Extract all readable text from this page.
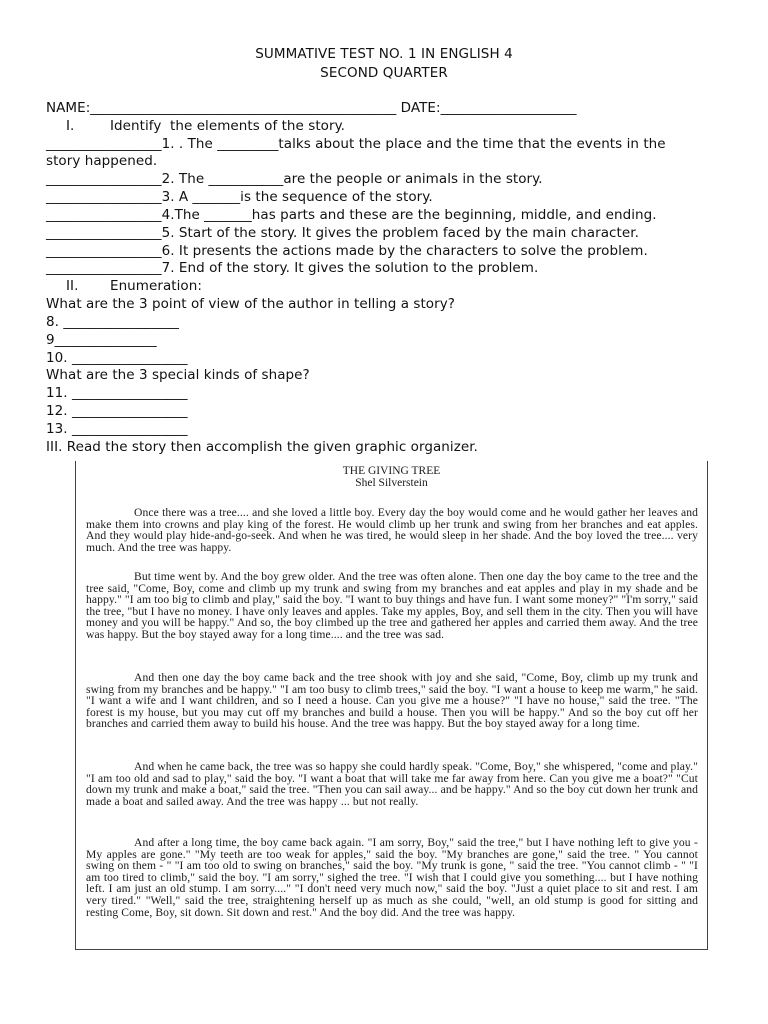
SUMMATIVE TEST NO. 1 IN ENGLISH 4
SECOND QUARTER
NAME:_____________________________________________ DATE:____________________
I.	Identify  the elements of the story.
_________________1. . The _________talks about the place and the time that the events in the
story happened.
_________________2. The ___________are the people or animals in the story.
_________________3. A _______is the sequence of the story.
_________________4.The _______has parts and these are the beginning, middle, and ending.
_________________5. Start of the story. It gives the problem faced by the main character.
_________________6. It presents the actions made by the characters to solve the problem.
_________________7. End of the story. It gives the solution to the problem.
II. Enumeration:
What are the 3 point of view of the author in telling a story?
8. _________________
9_______________
10. _________________
What are the 3 special kinds of shape?
11. _________________
12. _________________
13. _________________
III. Read the story then accomplish the given graphic organizer.
THE GIVING TREE
Shel Silverstein
Once there was a tree.... and she loved a little boy. Every day the boy would come and he would gather her leaves and make them into crowns and play king of the forest. He would climb up her trunk and swing from her branches and eat apples. And they would play hide-and-go-seek. And when he was tired, he would sleep in her shade. And the boy loved the tree.... very much. And the tree was happy.
But time went by. And the boy grew older. And the tree was often alone. Then one day the boy came to the tree and the tree said, "Come, Boy, come and climb up my trunk and swing from my branches and eat apples and play in my shade and be happy." "I am too big to climb and play," said the boy. "I want to buy things and have fun. I want some money?" "I'm sorry," said the tree, "but I have no money. I have only leaves and apples. Take my apples, Boy, and sell them in the city. Then you will have money and you will be happy." And so, the boy climbed up the tree and gathered her apples and carried them away. And the tree was happy. But the boy stayed away for a long time.... and the tree was sad.
And then one day the boy came back and the tree shook with joy and she said, "Come, Boy, climb up my trunk and swing from my branches and be happy." "I am too busy to climb trees," said the boy. "I want a house to keep me warm," he said. "I want a wife and I want children, and so I need a house. Can you give me a house?" "I have no house," said the tree. "The forest is my house, but you may cut off my branches and build a house. Then you will be happy." And so the boy cut off her branches and carried them away to build his house. And the tree was happy. But the boy stayed away for a long time.
And when he came back, the tree was so happy she could hardly speak. "Come, Boy," she whispered, "come and play." "I am too old and sad to play," said the boy. "I want a boat that will take me far away from here. Can you give me a boat?" "Cut down my trunk and make a boat," said the tree. "Then you can sail away... and be happy." And so the boy cut down her trunk and made a boat and sailed away. And the tree was happy ... but not really.
And after a long time, the boy came back again. "I am sorry, Boy," said the tree," but I have nothing left to give you - My apples are gone." "My teeth are too weak for apples," said the boy. "My branches are gone," said the tree. " You cannot swing on them - " "I am too old to swing on branches," said the boy. "My trunk is gone, " said the tree. "You cannot climb - " "I am too tired to climb," said the boy. "I am sorry," sighed the tree. "I wish that I could give you something.... but I have nothing left. I am just an old stump. I am sorry...." "I don't need very much now," said the boy. "Just a quiet place to sit and rest. I am very tired." "Well," said the tree, straightening herself up as much as she could, "well, an old stump is good for sitting and resting Come, Boy, sit down. Sit down and rest." And the boy did. And the tree was happy.
